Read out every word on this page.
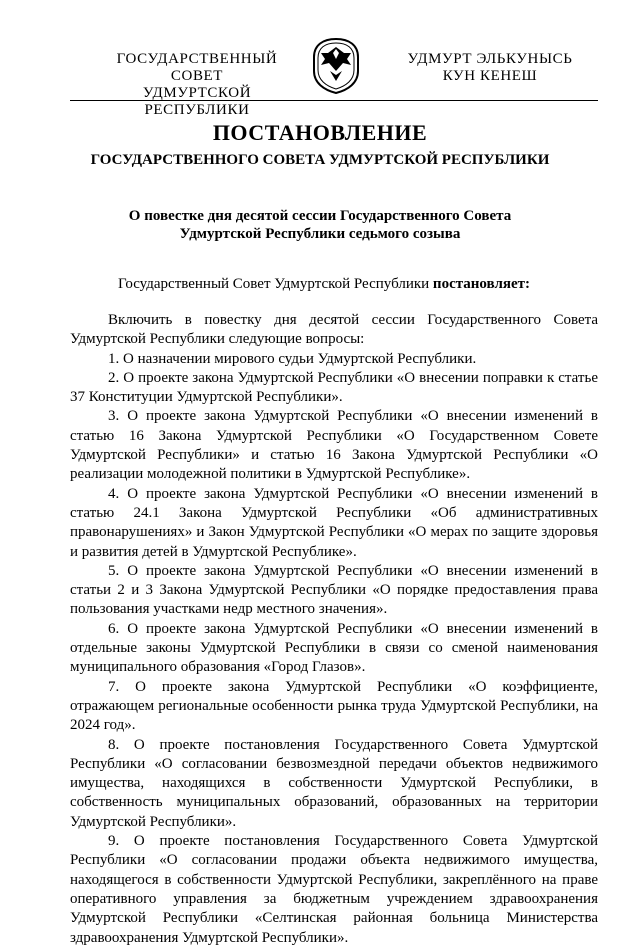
ГОСУДАРСТВЕННЫЙ СОВЕТ
УДМУРТСКОЙ РЕСПУБЛИКИ
УДМУРТ ЭЛЬКУНЫСЬ
КУН КЕНЕШ
ПОСТАНОВЛЕНИЕ
ГОСУДАРСТВЕННОГО СОВЕТА УДМУРТСКОЙ РЕСПУБЛИКИ
О повестке дня десятой сессии Государственного Совета
Удмуртской Республики седьмого созыва
Государственный Совет Удмуртской Республики постановляет:

Включить в повестку дня десятой сессии Государственного Совета Удмуртской Республики следующие вопросы:

1. О назначении мирового судьи Удмуртской Республики.

2. О проекте закона Удмуртской Республики «О внесении поправки к статье 37 Конституции Удмуртской Республики».

3. О проекте закона Удмуртской Республики «О внесении изменений в статью 16 Закона Удмуртской Республики «О Государственном Совете Удмуртской Республики» и статью 16 Закона Удмуртской Республики «О реализации молодежной политики в Удмуртской Республике».

4. О проекте закона Удмуртской Республики «О внесении изменений в статью 24.1 Закона Удмуртской Республики «Об административных правонарушениях» и Закон Удмуртской Республики «О мерах по защите здоровья и развития детей в Удмуртской Республике».

5. О проекте закона Удмуртской Республики «О внесении изменений в статьи 2 и 3 Закона Удмуртской Республики «О порядке предоставления права пользования участками недр местного значения».

6. О проекте закона Удмуртской Республики «О внесении изменений в отдельные законы Удмуртской Республики в связи со сменой наименования муниципального образования «Город Глазов».

7. О проекте закона Удмуртской Республики «О коэффициенте, отражающем региональные особенности рынка труда Удмуртской Республики, на 2024 год».

8. О проекте постановления Государственного Совета Удмуртской Республики «О согласовании безвозмездной передачи объектов недвижимого имущества, находящихся в собственности Удмуртской Республики, в собственность муниципальных образований, образованных на территории Удмуртской Республики».

9. О проекте постановления Государственного Совета Удмуртской Республики «О согласовании продажи объекта недвижимого имущества, находящегося в собственности Удмуртской Республики, закреплённого на праве оперативного управления за бюджетным учреждением здравоохранения Удмуртской Республики «Селтинская районная больница Министерства здравоохранения Удмуртской Республики».
